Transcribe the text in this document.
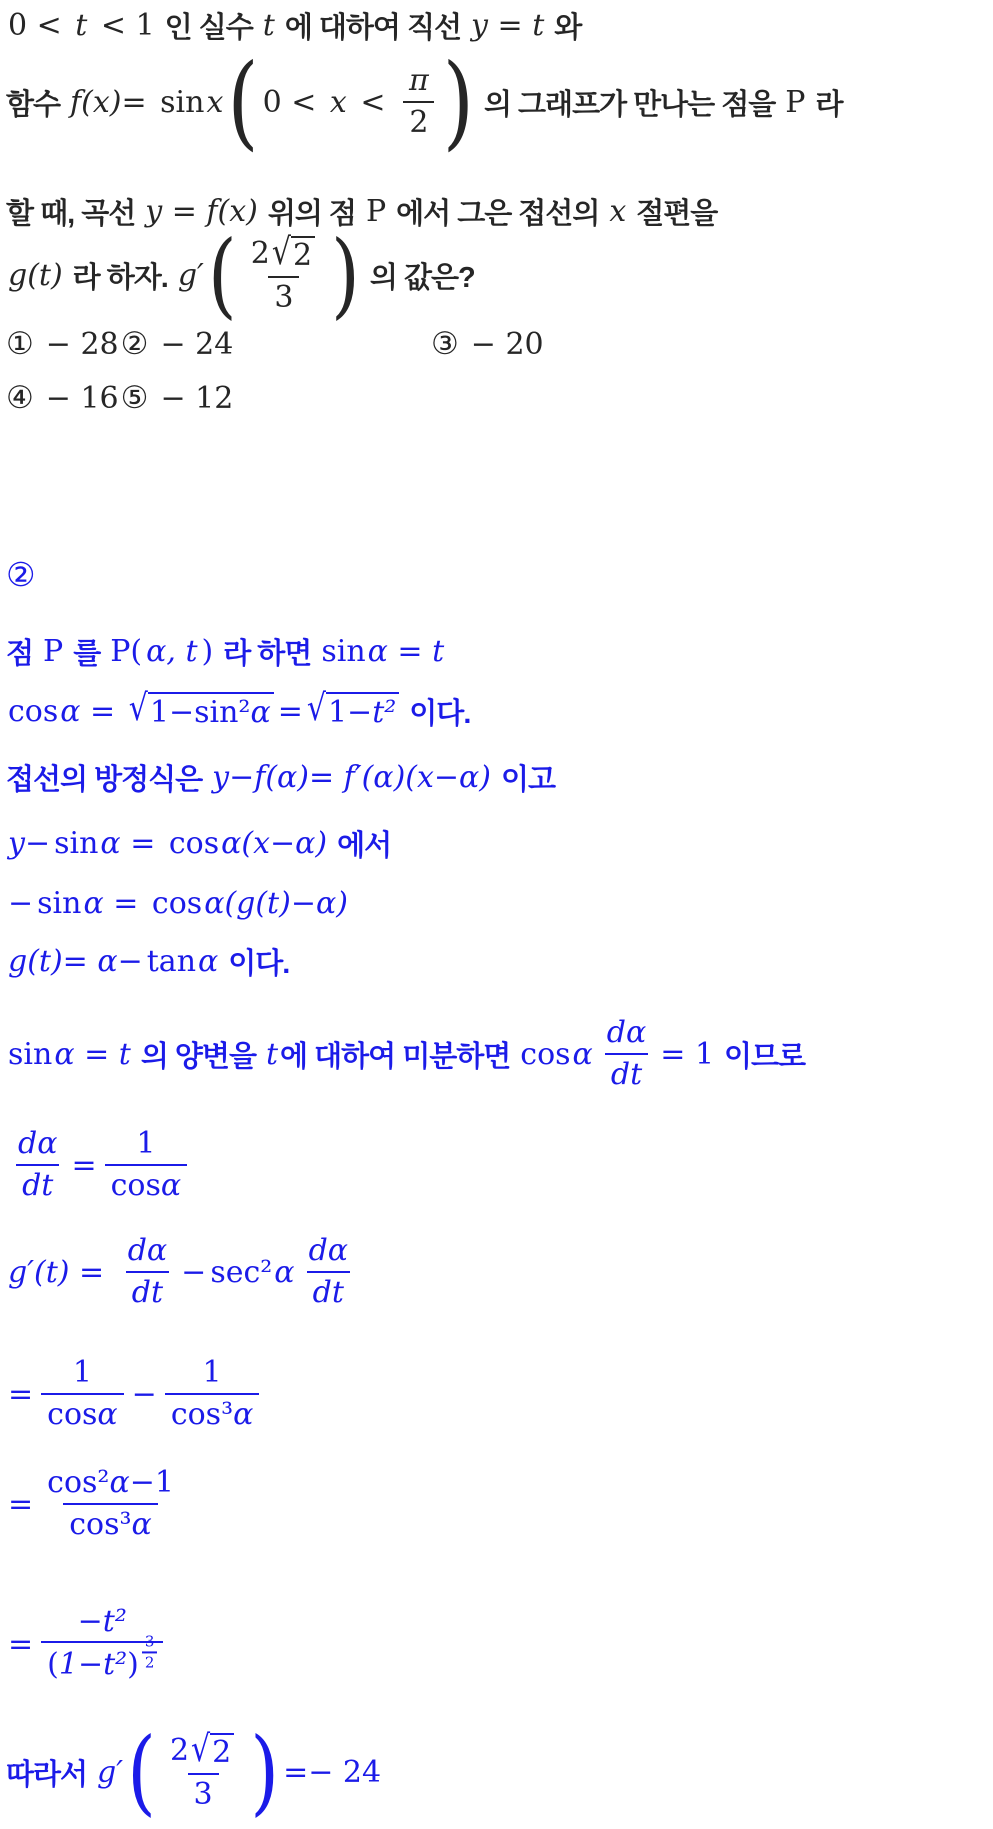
0 < t < 1 인 실수 t 에 대하여 직선 y = t 와
함수 f(x)= sin x ( $0 < x < \frac{\pi}{2}$ ) 의 그래프가 만나는 점을 P 라
할 때, 곡선 y = f(x) 위의 점 P 에서 그은 접선의 x 절편을
g(t) 라 하자. g′ ( $\frac{2 √ 2}{3}$ ) 의 값은?
① − 28 ② − 24	③ − 20
④ − 16 ⑤ − 12
②
점 P 를 P( α, t ) 라 하면 sin α = t
cos α = √ 1− sin² α = √ 1− t² 이다.
접선의 방정식은 y−f(α)= f′(α)(x−α) 이고
y− sin α = cos α(x−α) 에서
− sin α = cos α(g(t)−α)
g(t)= α− tan α 이다.
sin α = t 의 양변을 t 에 대하여 미분하면 cos α $\frac{d\alpha}{dt} = 1$ 이므로
$\frac{d\alpha}{dt} = \frac{1}{\text{cos α}}$
$g'(t) = \frac{d\alpha}{dt} - \sec^2$ α $\frac{d\alpha}{dt}$
= $\frac{1}{\text{cos α}} - \frac{1}{\text{cos³ α}}$
= $\frac{\text{cos² α −1}}{\text{cos³ α}}$
= $\frac{\text{−t²}}{( 1-t^2 ) \frac{3}{2}}$
따라서 g′ ( $\frac{2 √ 2}{3}$ ) =− 24
